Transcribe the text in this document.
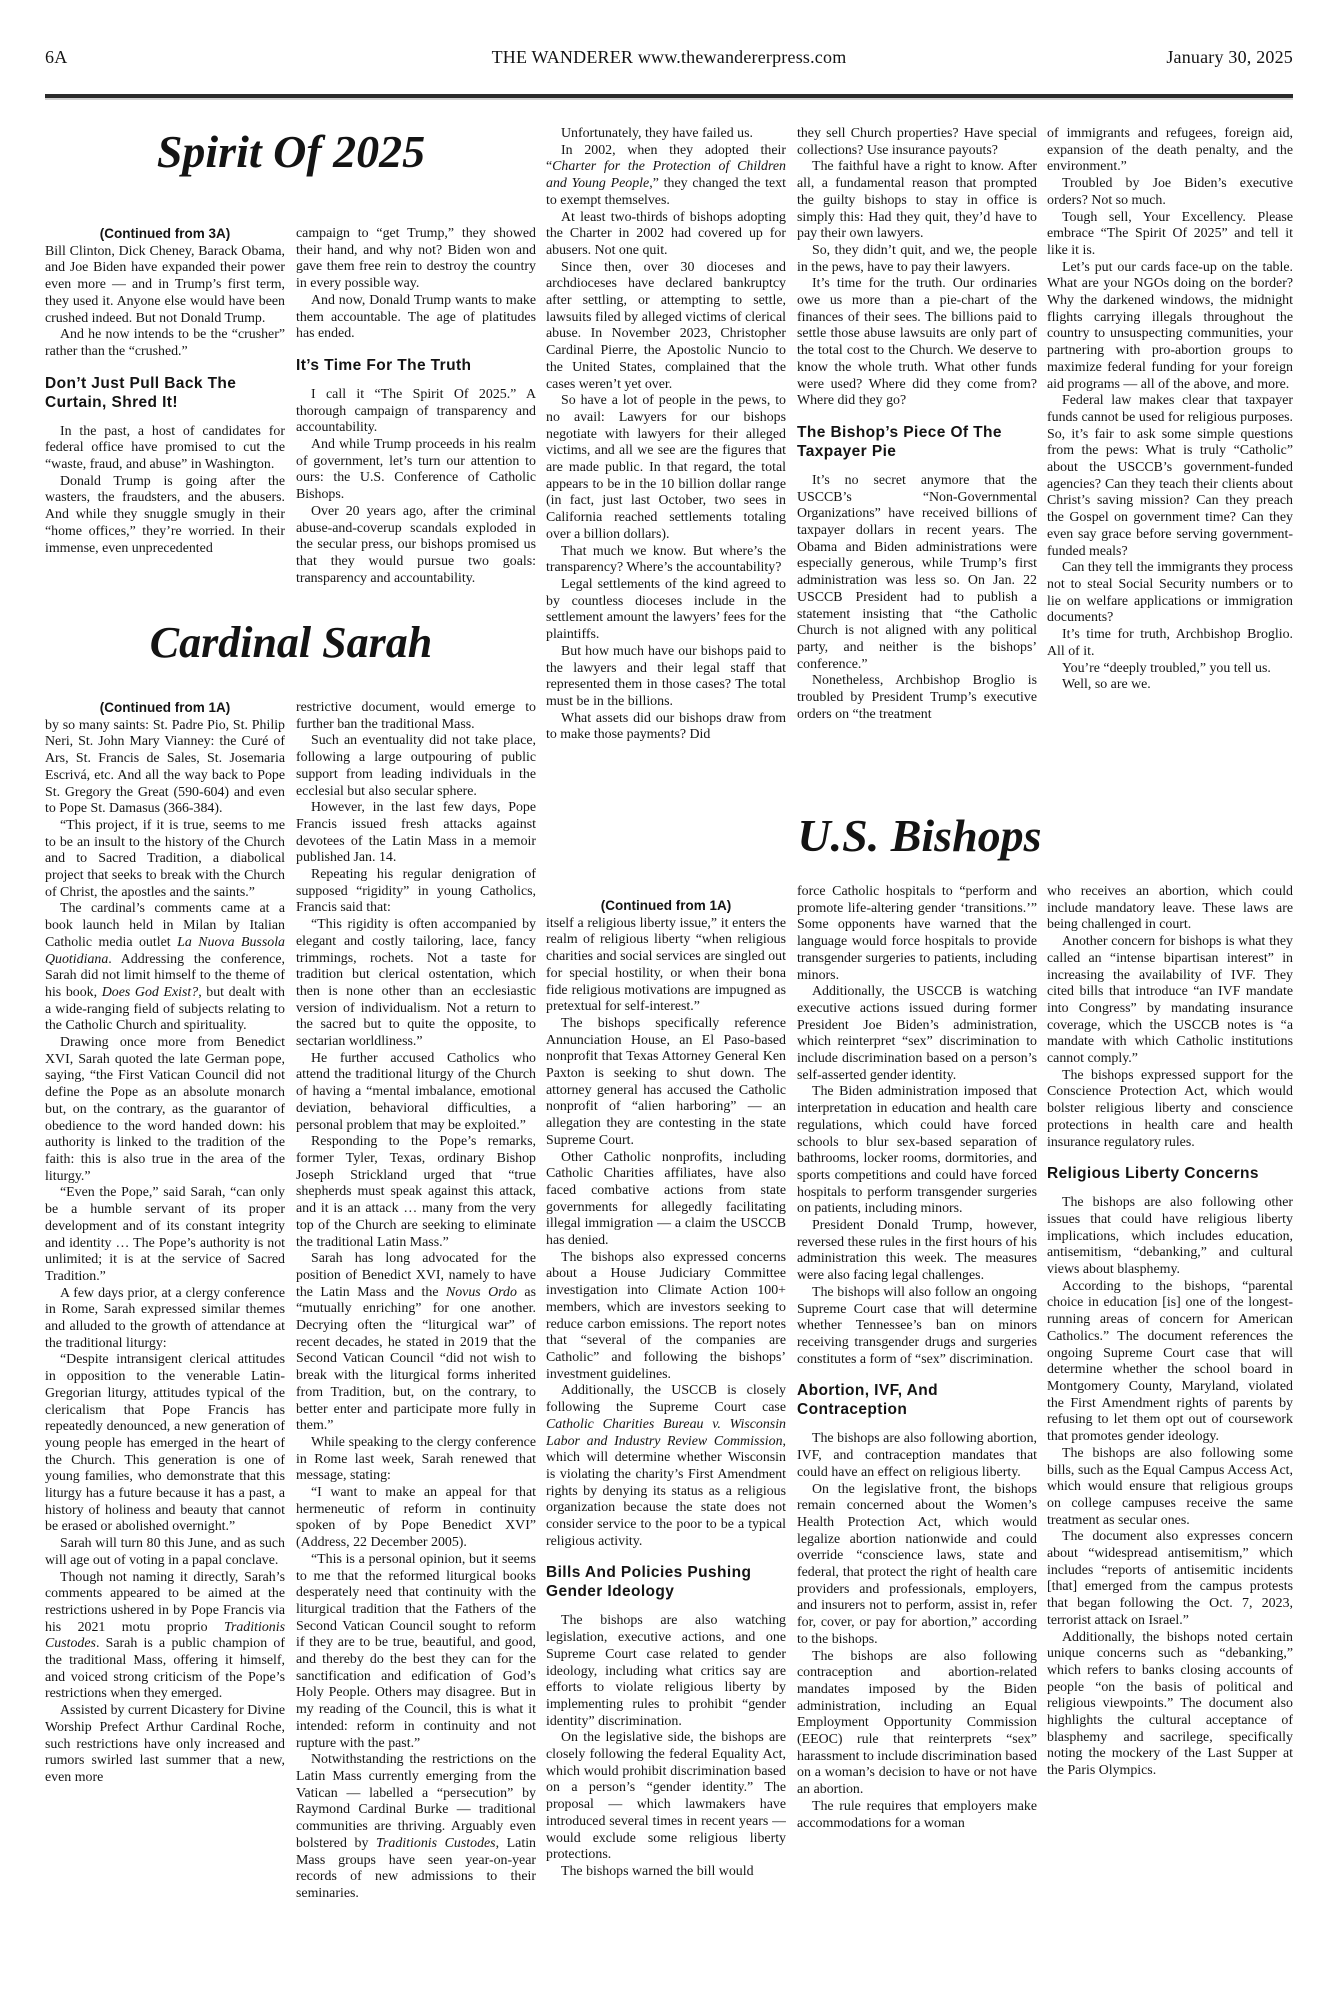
6A	THE WANDERER www.thewandererpress.com	January 30, 2025
Spirit Of 2025

(Continued from 3A)

Bill Clinton, Dick Cheney, Barack Obama, and Joe Biden have expanded their power even more — and in Trump’s first term, they used it. Anyone else would have been crushed indeed. But not Donald Trump.

And he now intends to be the “crusher” rather than the “crushed.”

Don’t Just Pull Back The Curtain, Shred It!

In the past, a host of candidates for federal office have promised to cut the “waste, fraud, and abuse” in Washington.

Donald Trump is going after the wasters, the fraudsters, and the abusers. And while they snuggle smugly in their “home offices,” they’re worried. In their immense, even unprecedented

campaign to “get Trump,” they showed their hand, and why not? Biden won and gave them free rein to destroy the country in every possible way.

And now, Donald Trump wants to make them accountable. The age of platitudes has ended.

It’s Time For The Truth

I call it “The Spirit Of 2025.” A thorough campaign of transparency and accountability.

And while Trump proceeds in his realm of government, let’s turn our attention to ours: the U.S. Conference of Catholic Bishops.

Over 20 years ago, after the criminal abuse-and-coverup scandals exploded in the secular press, our bishops promised us that they would pursue two goals: transparency and accountability.

Unfortunately, they have failed us.

In 2002, when they adopted their “Charter for the Protection of Children and Young People,” they changed the text to exempt themselves.

At least two-thirds of bishops adopting the Charter in 2002 had covered up for abusers. Not one quit.

Since then, over 30 dioceses and archdioceses have declared bankruptcy after settling, or attempting to settle, lawsuits filed by alleged victims of clerical abuse. In November 2023, Christopher Cardinal Pierre, the Apostolic Nuncio to the United States, complained that the cases weren’t yet over.

So have a lot of people in the pews, to no avail: Lawyers for our bishops negotiate with lawyers for their alleged victims, and all we see are the figures that are made public. In that regard, the total appears to be in the 10 billion dollar range (in fact, just last October, two sees in California reached settlements totaling over a billion dollars).

That much we know. But where’s the transparency? Where’s the accountability?

Legal settlements of the kind agreed to by countless dioceses include in the settlement amount the lawyers’ fees for the plaintiffs.

But how much have our bishops paid to the lawyers and their legal staff that represented them in those cases? The total must be in the billions.

What assets did our bishops draw from to make those payments? Did

they sell Church properties? Have special collections? Use insurance payouts?

The faithful have a right to know. After all, a fundamental reason that prompted the guilty bishops to stay in office is simply this: Had they quit, they’d have to pay their own lawyers.

So, they didn’t quit, and we, the people in the pews, have to pay their lawyers.

It’s time for the truth. Our ordinaries owe us more than a pie-chart of the finances of their sees. The billions paid to settle those abuse lawsuits are only part of the total cost to the Church. We deserve to know the whole truth. What other funds were used? Where did they come from? Where did they go?

The Bishop’s Piece Of The Taxpayer Pie

It’s no secret anymore that the USCCB’s “Non-Governmental Organizations” have received billions of taxpayer dollars in recent years. The Obama and Biden administrations were especially generous, while Trump’s first administration was less so. On Jan. 22 USCCB President had to publish a statement insisting that “the Catholic Church is not aligned with any political party, and neither is the bishops’ conference.”

Nonetheless, Archbishop Broglio is troubled by President Trump’s executive orders on “the treatment

of immigrants and refugees, foreign aid, expansion of the death penalty, and the environment.”

Troubled by Joe Biden’s executive orders? Not so much.

Tough sell, Your Excellency. Please embrace “The Spirit Of 2025” and tell it like it is.

Let’s put our cards face-up on the table. What are your NGOs doing on the border? Why the darkened windows, the midnight flights carrying illegals throughout the country to unsuspecting communities, your partnering with pro-abortion groups to maximize federal funding for your foreign aid programs — all of the above, and more.

Federal law makes clear that taxpayer funds cannot be used for religious purposes. So, it’s fair to ask some simple questions from the pews: What is truly “Catholic” about the USCCB’s government-funded agencies? Can they teach their clients about Christ’s saving mission? Can they preach the Gospel on government time? Can they even say grace before serving government-funded meals?

Can they tell the immigrants they process not to steal Social Security numbers or to lie on welfare applications or immigration documents?

It’s time for truth, Archbishop Broglio. All of it.

You’re “deeply troubled,” you tell us.

Well, so are we.

Cardinal Sarah

(Continued from 1A)

by so many saints: St. Padre Pio, St. Philip Neri, St. John Mary Vianney: the Curé of Ars, St. Francis de Sales, St. Josemaria Escrivá, etc. And all the way back to Pope St. Gregory the Great (590-604) and even to Pope St. Damasus (366-384).

“This project, if it is true, seems to me to be an insult to the history of the Church and to Sacred Tradition, a diabolical project that seeks to break with the Church of Christ, the apostles and the saints.”

The cardinal’s comments came at a book launch held in Milan by Italian Catholic media outlet La Nuova Bussola Quotidiana. Addressing the conference, Sarah did not limit himself to the theme of his book, Does God Exist?, but dealt with a wide-ranging field of subjects relating to the Catholic Church and spirituality.

Drawing once more from Benedict XVI, Sarah quoted the late German pope, saying, “the First Vatican Council did not define the Pope as an absolute monarch but, on the contrary, as the guarantor of obedience to the word handed down: his authority is linked to the tradition of the faith: this is also true in the area of the liturgy.”

“Even the Pope,” said Sarah, “can only be a humble servant of its proper development and of its constant integrity and identity … The Pope’s authority is not unlimited; it is at the service of Sacred Tradition.”

A few days prior, at a clergy conference in Rome, Sarah expressed similar themes and alluded to the growth of attendance at the traditional liturgy:

“Despite intransigent clerical attitudes in opposition to the venerable Latin-Gregorian liturgy, attitudes typical of the clericalism that Pope Francis has repeatedly denounced, a new generation of young people has emerged in the heart of the Church. This generation is one of young families, who demonstrate that this liturgy has a future because it has a past, a history of holiness and beauty that cannot be erased or abolished overnight.”

Sarah will turn 80 this June, and as such will age out of voting in a papal conclave.

Though not naming it directly, Sarah’s comments appeared to be aimed at the restrictions ushered in by Pope Francis via his 2021 motu proprio Traditionis Custodes. Sarah is a public champion of the traditional Mass, offering it himself, and voiced strong criticism of the Pope’s restrictions when they emerged.

Assisted by current Dicastery for Divine Worship Prefect Arthur Cardinal Roche, such restrictions have only increased and rumors swirled last summer that a new, even more

restrictive document, would emerge to further ban the traditional Mass.

Such an eventuality did not take place, following a large outpouring of public support from leading individuals in the ecclesial but also secular sphere.

However, in the last few days, Pope Francis issued fresh attacks against devotees of the Latin Mass in a memoir published Jan. 14.

Repeating his regular denigration of supposed “rigidity” in young Catholics, Francis said that:

“This rigidity is often accompanied by elegant and costly tailoring, lace, fancy trimmings, rochets. Not a taste for tradition but clerical ostentation, which then is none other than an ecclesiastic version of individualism. Not a return to the sacred but to quite the opposite, to sectarian worldliness.”

He further accused Catholics who attend the traditional liturgy of the Church of having a “mental imbalance, emotional deviation, behavioral difficulties, a personal problem that may be exploited.”

Responding to the Pope’s remarks, former Tyler, Texas, ordinary Bishop Joseph Strickland urged that “true shepherds must speak against this attack, and it is an attack … many from the very top of the Church are seeking to eliminate the traditional Latin Mass.”

Sarah has long advocated for the position of Benedict XVI, namely to have the Latin Mass and the Novus Ordo as “mutually enriching” for one another. Decrying often the “liturgical war” of recent decades, he stated in 2019 that the Second Vatican Council “did not wish to break with the liturgical forms inherited from Tradition, but, on the contrary, to better enter and participate more fully in them.”

While speaking to the clergy conference in Rome last week, Sarah renewed that message, stating:

“I want to make an appeal for that hermeneutic of reform in continuity spoken of by Pope Benedict XVI” (Address, 22 December 2005).

“This is a personal opinion, but it seems to me that the reformed liturgical books desperately need that continuity with the liturgical tradition that the Fathers of the Second Vatican Council sought to reform if they are to be true, beautiful, and good, and thereby do the best they can for the sanctification and edification of God’s Holy People. Others may disagree. But in my reading of the Council, this is what it intended: reform in continuity and not rupture with the past.”

Notwithstanding the restrictions on the Latin Mass currently emerging from the Vatican — labelled a “persecution” by Raymond Cardinal Burke — traditional communities are thriving. Arguably even bolstered by Traditionis Custodes, Latin Mass groups have seen year-on-year records of new admissions to their seminaries.

U.S. Bishops

(Continued from 1A)

itself a religious liberty issue,” it enters the realm of religious liberty “when religious charities and social services are singled out for special hostility, or when their bona fide religious motivations are impugned as pretextual for self-interest.”

The bishops specifically reference Annunciation House, an El Paso-based nonprofit that Texas Attorney General Ken Paxton is seeking to shut down. The attorney general has accused the Catholic nonprofit of “alien harboring” — an allegation they are contesting in the state Supreme Court.

Other Catholic nonprofits, including Catholic Charities affiliates, have also faced combative actions from state governments for allegedly facilitating illegal immigration — a claim the USCCB has denied.

The bishops also expressed concerns about a House Judiciary Committee investigation into Climate Action 100+ members, which are investors seeking to reduce carbon emissions. The report notes that “several of the companies are Catholic” and following the bishops’ investment guidelines.

Additionally, the USCCB is closely following the Supreme Court case Catholic Charities Bureau v. Wisconsin Labor and Industry Review Commission, which will determine whether Wisconsin is violating the charity’s First Amendment rights by denying its status as a religious organization because the state does not consider service to the poor to be a typical religious activity.

Bills And Policies Pushing Gender Ideology

The bishops are also watching legislation, executive actions, and one Supreme Court case related to gender ideology, including what critics say are efforts to violate religious liberty by implementing rules to prohibit “gender identity” discrimination.

On the legislative side, the bishops are closely following the federal Equality Act, which would prohibit discrimination based on a person’s “gender identity.” The proposal — which lawmakers have introduced several times in recent years — would exclude some religious liberty protections.

The bishops warned the bill would

force Catholic hospitals to “perform and promote life-altering gender ‘transitions.’” Some opponents have warned that the language would force hospitals to provide transgender surgeries to patients, including minors.

Additionally, the USCCB is watching executive actions issued during former President Joe Biden’s administration, which reinterpret “sex” discrimination to include discrimination based on a person’s self-asserted gender identity.

The Biden administration imposed that interpretation in education and health care regulations, which could have forced schools to blur sex-based separation of bathrooms, locker rooms, dormitories, and sports competitions and could have forced hospitals to perform transgender surgeries on patients, including minors.

President Donald Trump, however, reversed these rules in the first hours of his administration this week. The measures were also facing legal challenges.

The bishops will also follow an ongoing Supreme Court case that will determine whether Tennessee’s ban on minors receiving transgender drugs and surgeries constitutes a form of “sex” discrimination.

Abortion, IVF, And Contraception

The bishops are also following abortion, IVF, and contraception mandates that could have an effect on religious liberty.

On the legislative front, the bishops remain concerned about the Women’s Health Protection Act, which would legalize abortion nationwide and could override “conscience laws, state and federal, that protect the right of health care providers and professionals, employers, and insurers not to perform, assist in, refer for, cover, or pay for abortion,” according to the bishops.

The bishops are also following contraception and abortion-related mandates imposed by the Biden administration, including an Equal Employment Opportunity Commission (EEOC) rule that reinterprets “sex” harassment to include discrimination based on a woman’s decision to have or not have an abortion.

The rule requires that employers make accommodations for a woman

who receives an abortion, which could include mandatory leave. These laws are being challenged in court.

Another concern for bishops is what they called an “intense bipartisan interest” in increasing the availability of IVF. They cited bills that introduce “an IVF mandate into Congress” by mandating insurance coverage, which the USCCB notes is “a mandate with which Catholic institutions cannot comply.”

The bishops expressed support for the Conscience Protection Act, which would bolster religious liberty and conscience protections in health care and health insurance regulatory rules.

Religious Liberty Concerns

The bishops are also following other issues that could have religious liberty implications, which includes education, antisemitism, “debanking,” and cultural views about blasphemy.

According to the bishops, “parental choice in education [is] one of the longest-running areas of concern for American Catholics.” The document references the ongoing Supreme Court case that will determine whether the school board in Montgomery County, Maryland, violated the First Amendment rights of parents by refusing to let them opt out of coursework that promotes gender ideology.

The bishops are also following some bills, such as the Equal Campus Access Act, which would ensure that religious groups on college campuses receive the same treatment as secular ones.

The document also expresses concern about “widespread antisemitism,” which includes “reports of antisemitic incidents [that] emerged from the campus protests that began following the Oct. 7, 2023, terrorist attack on Israel.”

Additionally, the bishops noted certain unique concerns such as “debanking,” which refers to banks closing accounts of people “on the basis of political and religious viewpoints.” The document also highlights the cultural acceptance of blasphemy and sacrilege, specifically noting the mockery of the Last Supper at the Paris Olympics.
